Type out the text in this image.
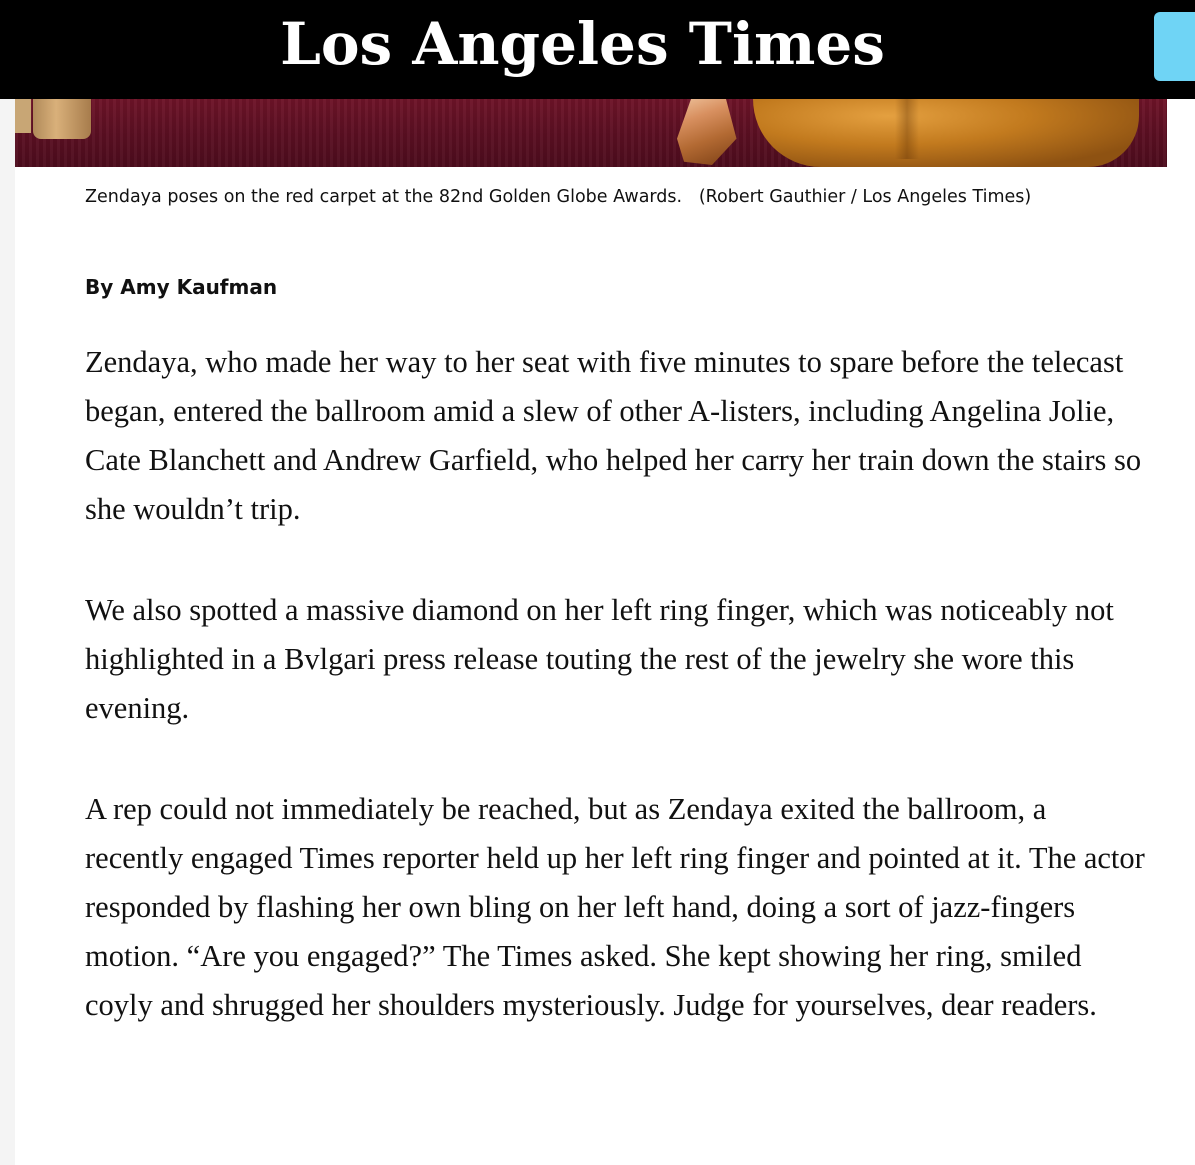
Los Angeles Times
Zendaya poses on the red carpet at the 82nd Golden Globe Awards. (Robert Gauthier / Los Angeles Times)
By Amy Kaufman

Zendaya, who made her way to her seat with five minutes to spare before the telecast began, entered the ballroom amid a slew of other A-listers, including Angelina Jolie, Cate Blanchett and Andrew Garfield, who helped her carry her train down the stairs so she wouldn’t trip.

We also spotted a massive diamond on her left ring finger, which was noticeably not highlighted in a Bvlgari press release touting the rest of the jewelry she wore this evening.

A rep could not immediately be reached, but as Zendaya exited the ballroom, a recently engaged Times reporter held up her left ring finger and pointed at it. The actor responded by flashing her own bling on her left hand, doing a sort of jazz-fingers motion. “Are you engaged?” The Times asked. She kept showing her ring, smiled coyly and shrugged her shoulders mysteriously. Judge for yourselves, dear readers.
